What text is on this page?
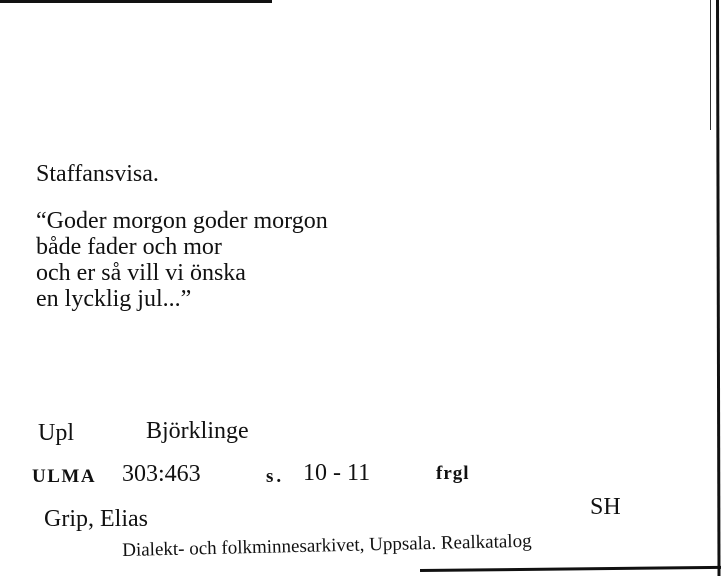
Staffansvisa.
“Goder morgon goder morgon
både fader och mor
och er så vill vi önska
en lycklig jul...”
Upl	Björklinge
ULMA 303:463	s. 10 - 11	frgl
Grip, Elias	SH
Dialekt- och folkminnesarkivet, Uppsala. Realkatalog
